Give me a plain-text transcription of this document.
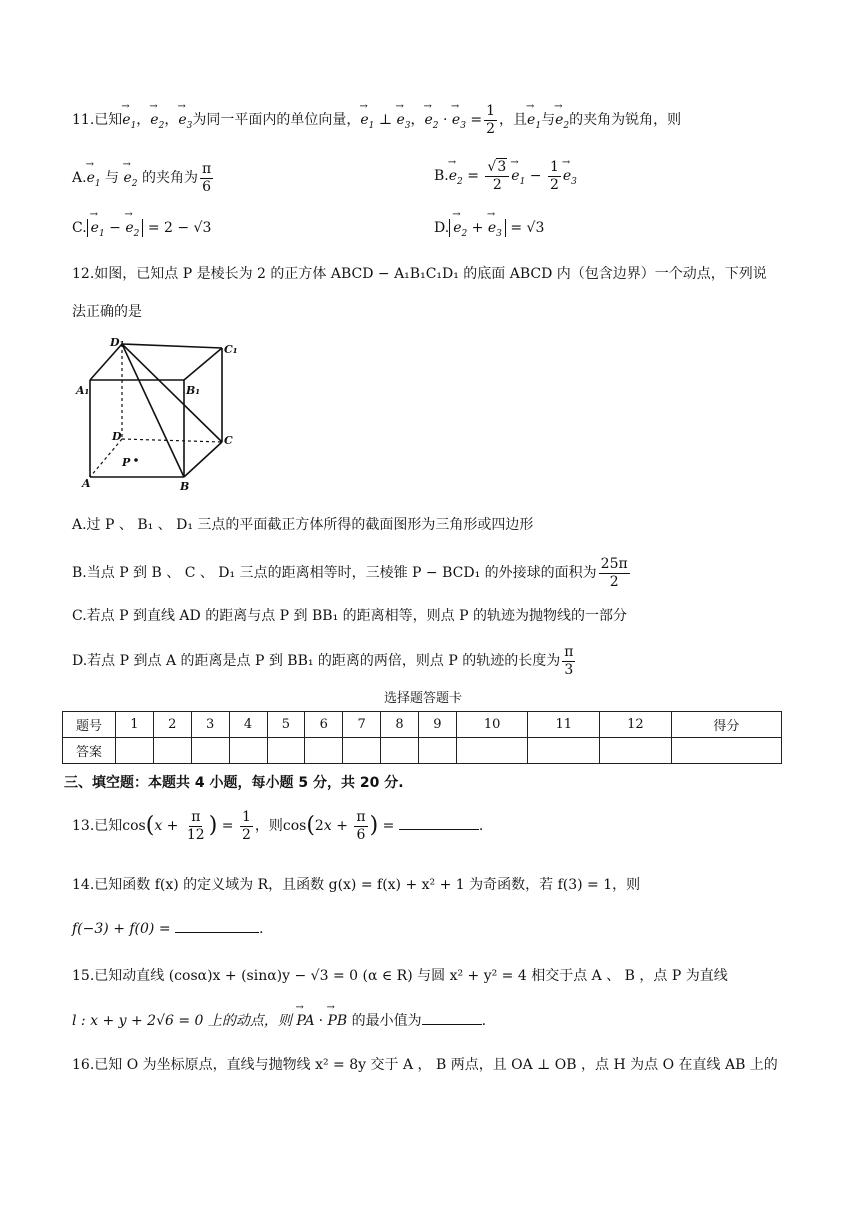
11.已知→ $e_1$，→ $e_2$，→ $e_3$为同一平面内的单位向量，→ $e_1$ ⊥ → $e_3$，→ $e_2$ · → $e_3 = \frac{1}{2}$ ，且→ $e_1$与→ $e_2$的夹角为锐角，则
$A.\to e_1$ 与 → $e_2$ 的夹角为 $\frac{\pi}{6}$	$B.\to e_2 = \frac{√3}{2} \to e_1 - \frac{1}{2} \to e_3$
C. → $e_1$ − → $e_2 = 2 - √3$	D. → $e_2$ + → $e_3 = √3$
12.如图，已知点 P 是棱长为 2 的正方体 ABCD − A₁B₁C₁D₁ 的底面 ABCD 内（包含边界）一个动点，下列说
法正确的是
D₁
C₁
A₁	B₁
D	C
P
A	B
A.过 P 、 B₁ 、 D₁ 三点的平面截正方体所得的截面图形为三角形或四边形
B.当点 P 到 B 、 C 、 D₁ 三点的距离相等时，三棱锥 P − BCD₁ 的外接球的面积为 $\frac{25\pi}{2}$
C.若点 P 到直线 AD 的距离与点 P 到 BB₁ 的距离相等，则点 P 的轨迹为抛物线的一部分
D.若点 P 到点 A 的距离是点 P 到 BB₁ 的距离的两倍，则点 P 的轨迹的长度为 $\frac{\pi}{3}$
选择题答题卡
题号	1	2	3	4	5	6	7	8	9	10	11	12	得分
答案													
三、填空题：本题共 4 小题，每小题 5 分，共 20 分.
13.已知$\cos(x + \frac{\pi}{12}$ ) = $\frac{1}{2}$ ，则$\cos(2x + \frac{\pi}{6}$ ) =	.
14.已知函数 f(x) 的定义域为 R，且函数 g(x) = f(x) + x² + 1 为奇函数，若 f(3) = 1，则
f(−3) + f(0) =	.
15.已知动直线 (cosα)x + (sinα)y − √3 = 0 (α ∈ R) 与圆 x² + y² = 4 相交于点 A 、 B ，点 P 为直线
l : x + y + 2√6 = 0 上的动点，则 → PA · → PB 的最小值为	.
16.已知 O 为坐标原点，直线与抛物线 x² = 8y 交于 A ， B 两点，且 OA ⊥ OB ，点 H 为点 O 在直线 AB 上的
